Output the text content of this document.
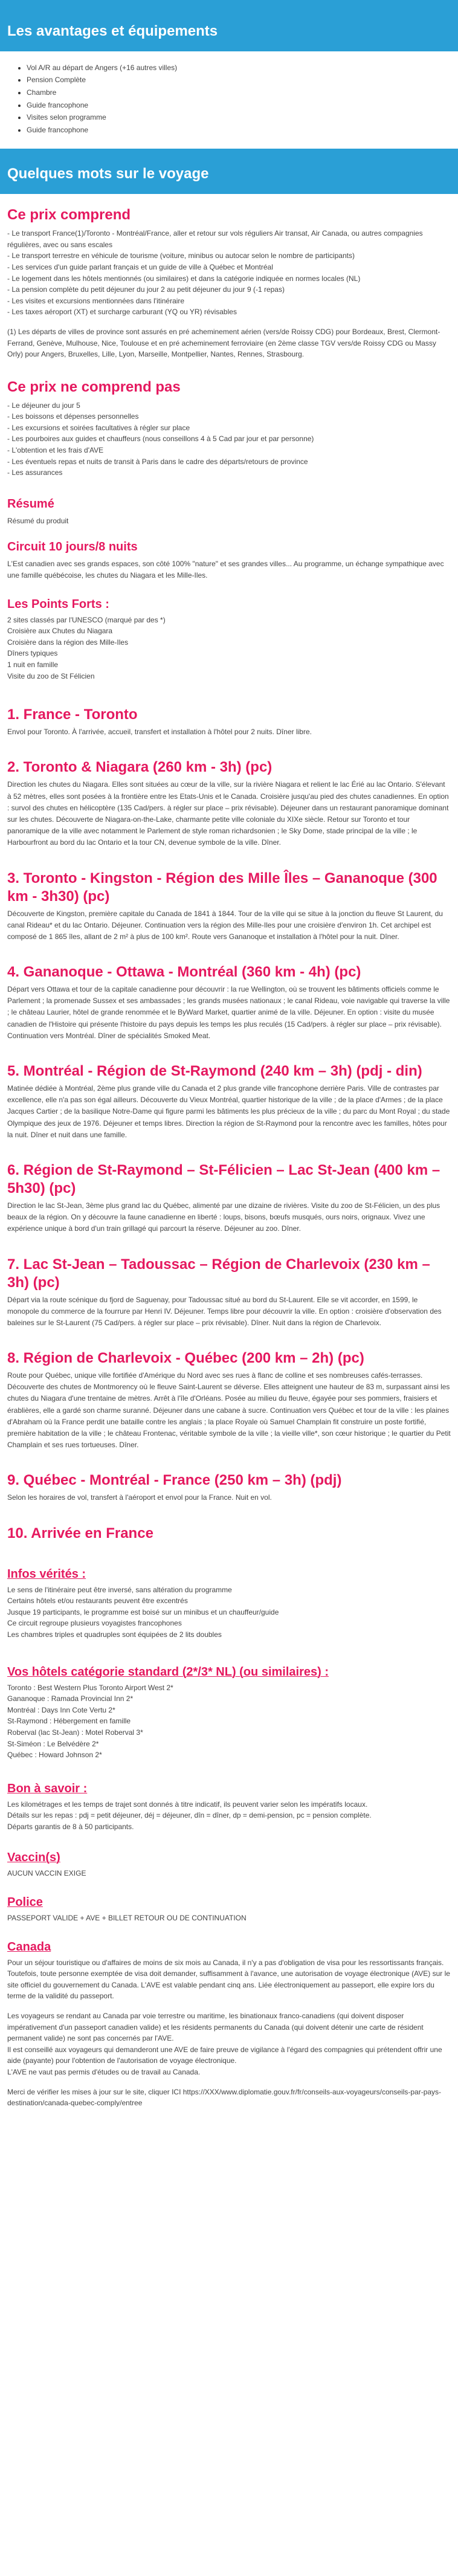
Les avantages et équipements
• Vol A/R au départ de Angers (+16 autres villes)
• Pension Complète
• Chambre
• Guide francophone
• Visites selon programme
• Guide francophone
Quelques mots sur le voyage
Ce prix comprend

- Le transport France(1)/Toronto - Montréal/France, aller et retour sur vols réguliers Air transat, Air Canada, ou autres compagnies régulières, avec ou sans escales

- Le transport terrestre en véhicule de tourisme (voiture, minibus ou autocar selon le nombre de participants)

- Les services d'un guide parlant français et un guide de ville à Québec et Montréal

- Le logement dans les hôtels mentionnés (ou similaires) et dans la catégorie indiquée en normes locales (NL)

- La pension complète du petit déjeuner du jour 2 au petit déjeuner du jour 9 (-1 repas)

- Les visites et excursions mentionnées dans l'itinéraire

- Les taxes aéroport (XT) et surcharge carburant (YQ ou YR) révisables

(1) Les départs de villes de province sont assurés en pré acheminement aérien (vers/de Roissy CDG) pour Bordeaux, Brest, Clermont-Ferrand, Genève, Mulhouse, Nice, Toulouse et en pré acheminement ferroviaire (en 2ème classe TGV vers/de Roissy CDG ou Massy Orly) pour Angers, Bruxelles, Lille, Lyon, Marseille, Montpellier, Nantes, Rennes, Strasbourg.

Ce prix ne comprend pas

- Le déjeuner du jour 5

- Les boissons et dépenses personnelles

- Les excursions et soirées facultatives à régler sur place

- Les pourboires aux guides et chauffeurs (nous conseillons 4 à 5 Cad par jour et par personne)

- L'obtention et les frais d'AVE

- Les éventuels repas et nuits de transit à Paris dans le cadre des départs/retours de province

- Les assurances

Résumé
Résumé du produit
Circuit 10 jours/8 nuits
L'Est canadien avec ses grands espaces, son côté 100% "nature" et ses grandes villes... Au programme, un échange sympathique avec une famille québécoise, les chutes du Niagara et les Mille-Iles.
Les Points Forts :

2 sites classés par l'UNESCO (marqué par des *)

Croisière aux Chutes du Niagara

Croisière dans la région des Mille-Iles

Dîners typiques

1 nuit en famille

Visite du zoo de St Félicien

1. France - Toronto

Envol pour Toronto. À l'arrivée, accueil, transfert et installation à l'hôtel pour 2 nuits. Dîner libre.

2. Toronto & Niagara (260 km - 3h) (pc)

Direction les chutes du Niagara. Elles sont situées au cœur de la ville, sur la rivière Niagara et relient le lac Érié au lac Ontario. S'élevant à 52 mètres, elles sont posées à la frontière entre les Etats-Unis et le Canada. Croisière jusqu'au pied des chutes canadiennes. En option : survol des chutes en hélicoptère (135 Cad/pers. à régler sur place – prix révisable). Déjeuner dans un restaurant panoramique dominant sur les chutes. Découverte de Niagara-on-the-Lake, charmante petite ville coloniale du XIXe siècle. Retour sur Toronto et tour panoramique de la ville avec notamment le Parlement de style roman richardsonien ; le Sky Dome, stade principal de la ville ; le Harbourfront au bord du lac Ontario et la tour CN, devenue symbole de la ville. Dîner.

3. Toronto - Kingston - Région des Mille Îles – Gananoque (300 km - 3h30) (pc)

Découverte de Kingston, première capitale du Canada de 1841 à 1844. Tour de la ville qui se situe à la jonction du fleuve St Laurent, du canal Rideau* et du lac Ontario. Déjeuner. Continuation vers la région des Mille-Iles pour une croisière d'environ 1h. Cet archipel est composé de 1 865 îles, allant de 2 m² à plus de 100 km². Route vers Gananoque et installation à l'hôtel pour la nuit. Dîner.

4. Gananoque - Ottawa - Montréal (360 km - 4h) (pc)

Départ vers Ottawa et tour de la capitale canadienne pour découvrir : la rue Wellington, où se trouvent les bâtiments officiels comme le Parlement ; la promenade Sussex et ses ambassades ; les grands musées nationaux ; le canal Rideau, voie navigable qui traverse la ville ; le château Laurier, hôtel de grande renommée et le ByWard Market, quartier animé de la ville. Déjeuner. En option : visite du musée canadien de l'Histoire qui présente l'histoire du pays depuis les temps les plus reculés (15 Cad/pers. à régler sur place – prix révisable). Continuation vers Montréal. Dîner de spécialités Smoked Meat.

5. Montréal - Région de St-Raymond (240 km – 3h) (pdj - din)

Matinée dédiée à Montréal, 2ème plus grande ville du Canada et 2 plus grande ville francophone derrière Paris. Ville de contrastes par excellence, elle n'a pas son égal ailleurs. Découverte du Vieux Montréal, quartier historique de la ville ; de la place d'Armes ; de la place Jacques Cartier ; de la basilique Notre-Dame qui figure parmi les bâtiments les plus précieux de la ville ; du parc du Mont Royal ; du stade Olympique des jeux de 1976. Déjeuner et temps libres. Direction la région de St-Raymond pour la rencontre avec les familles, hôtes pour la nuit. Dîner et nuit dans une famille.

6. Région de St-Raymond – St-Félicien – Lac St-Jean (400 km – 5h30) (pc)

Direction le lac St-Jean, 3ème plus grand lac du Québec, alimenté par une dizaine de rivières. Visite du zoo de St-Félicien, un des plus beaux de la région. On y découvre la faune canadienne en liberté : loups, bisons, bœufs musqués, ours noirs, orignaux. Vivez une expérience unique à bord d'un train grillagé qui parcourt la réserve. Déjeuner au zoo. Dîner.

7. Lac St-Jean – Tadoussac – Région de Charlevoix (230 km – 3h) (pc)

Départ via la route scénique du fjord de Saguenay, pour Tadoussac situé au bord du St-Laurent. Elle se vit accorder, en 1599, le monopole du commerce de la fourrure par Henri IV. Déjeuner. Temps libre pour découvrir la ville. En option : croisière d'observation des baleines sur le St-Laurent (75 Cad/pers. à régler sur place – prix révisable). Dîner. Nuit dans la région de Charlevoix.

8. Région de Charlevoix - Québec (200 km – 2h) (pc)

Route pour Québec, unique ville fortifiée d'Amérique du Nord avec ses rues à flanc de colline et ses nombreuses cafés-terrasses. Découverte des chutes de Montmorency où le fleuve Saint-Laurent se déverse. Elles atteignent une hauteur de 83 m, surpassant ainsi les chutes du Niagara d'une trentaine de mètres. Arrêt à l'île d'Orléans. Posée au milieu du fleuve, égayée pour ses pommiers, fraisiers et érablières, elle a gardé son charme suranné. Déjeuner dans une cabane à sucre. Continuation vers Québec et tour de la ville : les plaines d'Abraham où la France perdit une bataille contre les anglais ; la place Royale où Samuel Champlain fit construire un poste fortifié, première habitation de la ville ; le château Frontenac, véritable symbole de la ville ; la vieille ville*, son cœur historique ; le quartier du Petit Champlain et ses rues tortueuses. Dîner.

9. Québec - Montréal - France (250 km – 3h) (pdj)

Selon les horaires de vol, transfert à l'aéroport et envol pour la France. Nuit en vol.

10. Arrivée en France
Infos vérités :

Le sens de l'itinéraire peut être inversé, sans altération du programme

Certains hôtels et/ou restaurants peuvent être excentrés

Jusque 19 participants, le programme est boisé sur un minibus et un chauffeur/guide

Ce circuit regroupe plusieurs voyagistes francophones

Les chambres triples et quadruples sont équipées de 2 lits doubles

Vos hôtels catégorie standard (2*/3* NL) (ou similaires) :

Toronto : Best Western Plus Toronto Airport West 2*

Gananoque : Ramada Provincial Inn 2*

Montréal : Days Inn Cote Vertu 2*

St-Raymond : Hébergement en famille

Roberval (lac St-Jean) : Motel Roberval 3*

St-Siméon : Le Belvédère 2*

Québec : Howard Johnson 2*

Bon à savoir :

Les kilométrages et les temps de trajet sont donnés à titre indicatif, ils peuvent varier selon les impératifs locaux.

Détails sur les repas : pdj = petit déjeuner, déj = déjeuner, dîn = dîner, dp = demi-pension, pc = pension complète.

Départs garantis de 8 à 50 participants.

Vaccin(s)
AUCUN VACCIN EXIGE
Police
PASSEPORT VALIDE + AVE + BILLET RETOUR OU DE CONTINUATION
Canada

Pour un séjour touristique ou d'affaires de moins de six mois au Canada, il n'y a pas d'obligation de visa pour les ressortissants français. Toutefois, toute personne exemptée de visa doit demander, suffisamment à l'avance, une autorisation de voyage électronique (AVE) sur le site officiel du gouvernement du Canada. L'AVE est valable pendant cinq ans. Liée électroniquement au passeport, elle expire lors du terme de la validité du passeport.

Les voyageurs se rendant au Canada par voie terrestre ou maritime, les binationaux franco-canadiens (qui doivent disposer impérativement d'un passeport canadien valide) et les résidents permanents du Canada (qui doivent détenir une carte de résident permanent valide) ne sont pas concernés par l'AVE.

Il est conseillé aux voyageurs qui demanderont une AVE de faire preuve de vigilance à l'égard des compagnies qui prétendent offrir une aide (payante) pour l'obtention de l'autorisation de voyage électronique.

L'AVE ne vaut pas permis d'études ou de travail au Canada.

Merci de vérifier les mises à jour sur le site, cliquer ICI https://XXX/www.diplomatie.gouv.fr/fr/conseils-aux-voyageurs/conseils-par-pays-destination/canada-quebec-comply/entree
